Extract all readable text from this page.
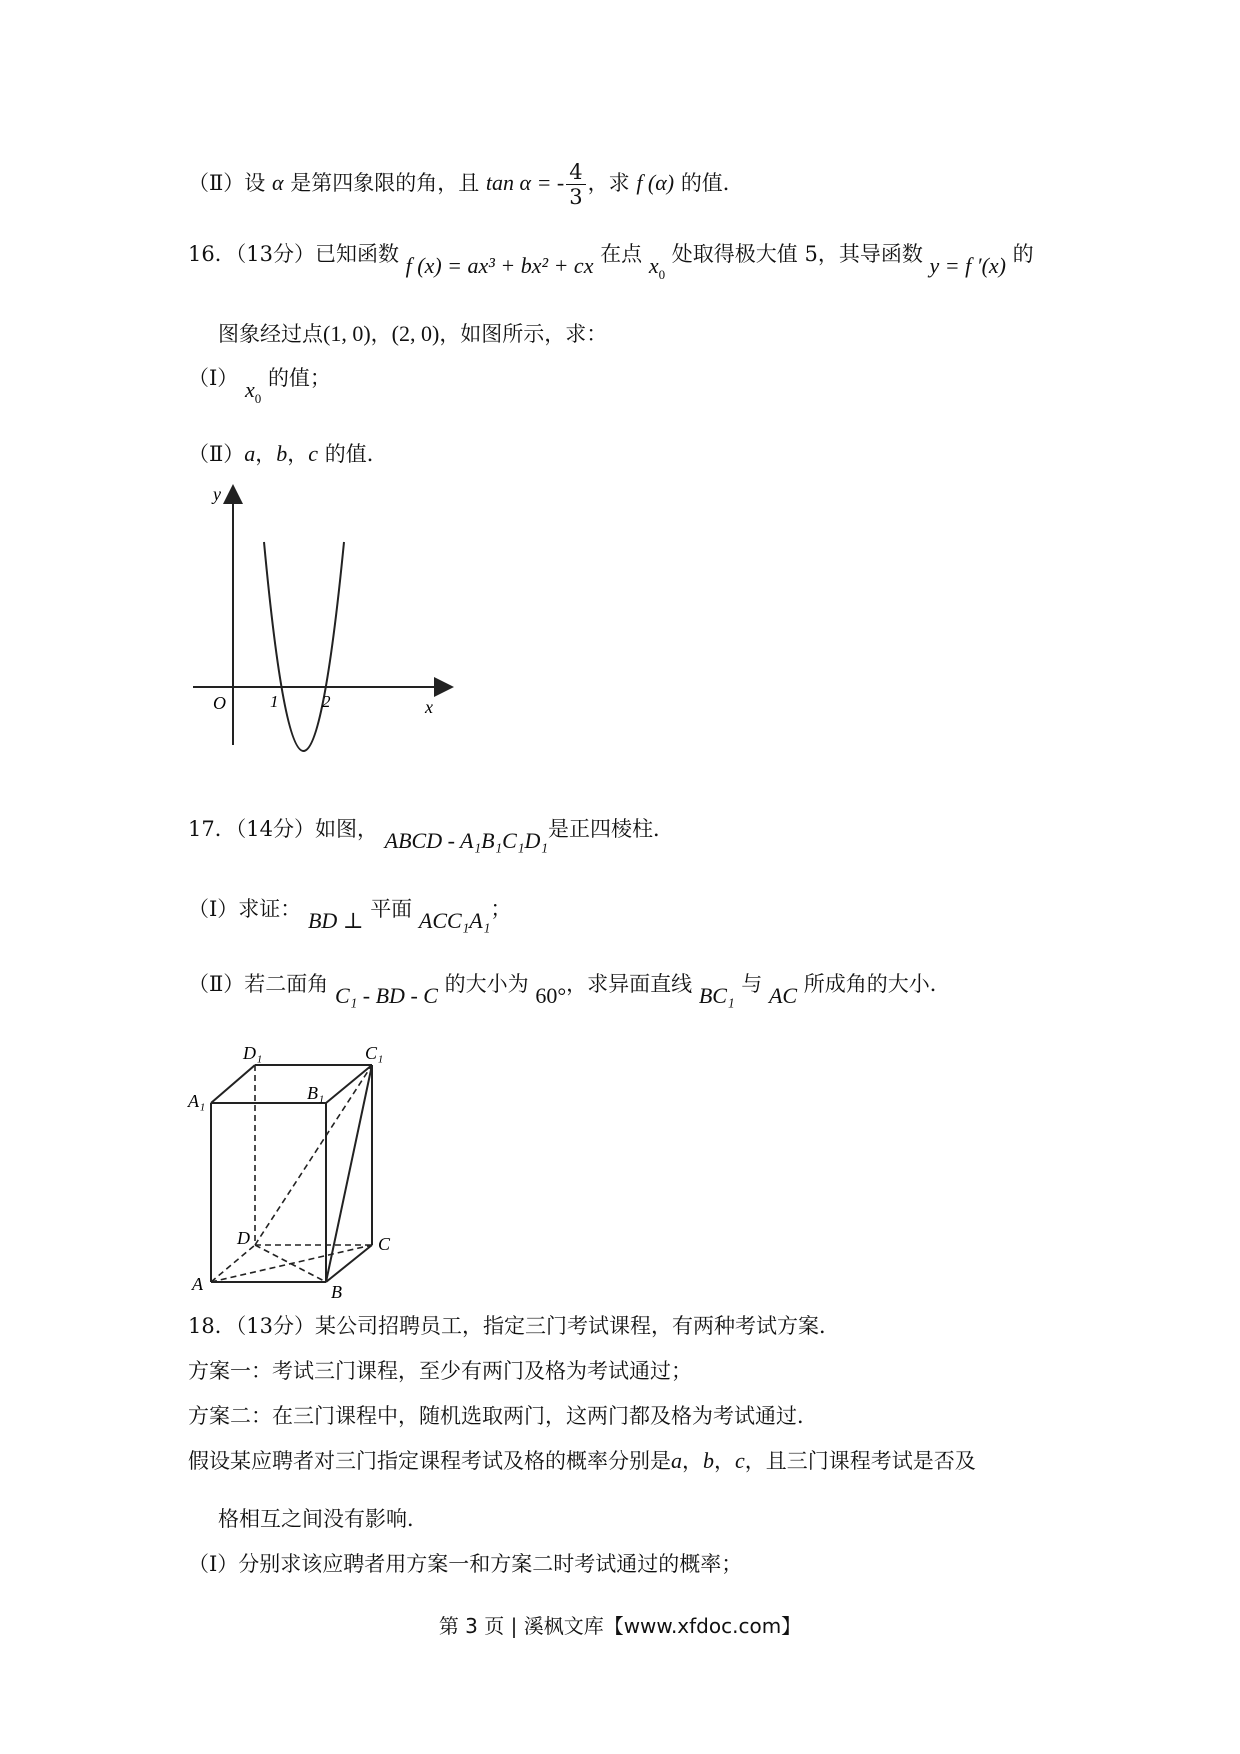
（Ⅱ）设 α 是第四象限的角，且 tan α = - $\frac{4}{3}$ ，求 f (α) 的值．
16．（13分）已知函数 f (x) = ax³ + bx² + cx 在点 $x_0$ 处取得极大值 5，其导函数 y = f ′(x) 的
图象经过点(1, 0)，(2, 0)，如图所示，求：
（Ⅰ） $x_0$ 的值；
（Ⅱ）a，b，c 的值．
y
x
O	1	2
17．（14分）如图， ABCD - A₁B₁C₁D₁是正四棱柱．
（Ⅰ）求证： BD ⊥ 平面 ACC₁A₁；
（Ⅱ）若二面角 C₁ - BD - C 的大小为 60°，求异面直线 BC₁ 与 AC 所成角的大小．
D₁	C₁
A₁	B₁
D	C
A	B
18．（13分）某公司招聘员工，指定三门考试课程，有两种考试方案．
方案一：考试三门课程，至少有两门及格为考试通过；
方案二：在三门课程中，随机选取两门，这两门都及格为考试通过．
假设某应聘者对三门指定课程考试及格的概率分别是a，b，c，且三门课程考试是否及
格相互之间没有影响．
（Ⅰ）分别求该应聘者用方案一和方案二时考试通过的概率；
第 3 页 | 溪枫文库【www.xfdoc.com】
